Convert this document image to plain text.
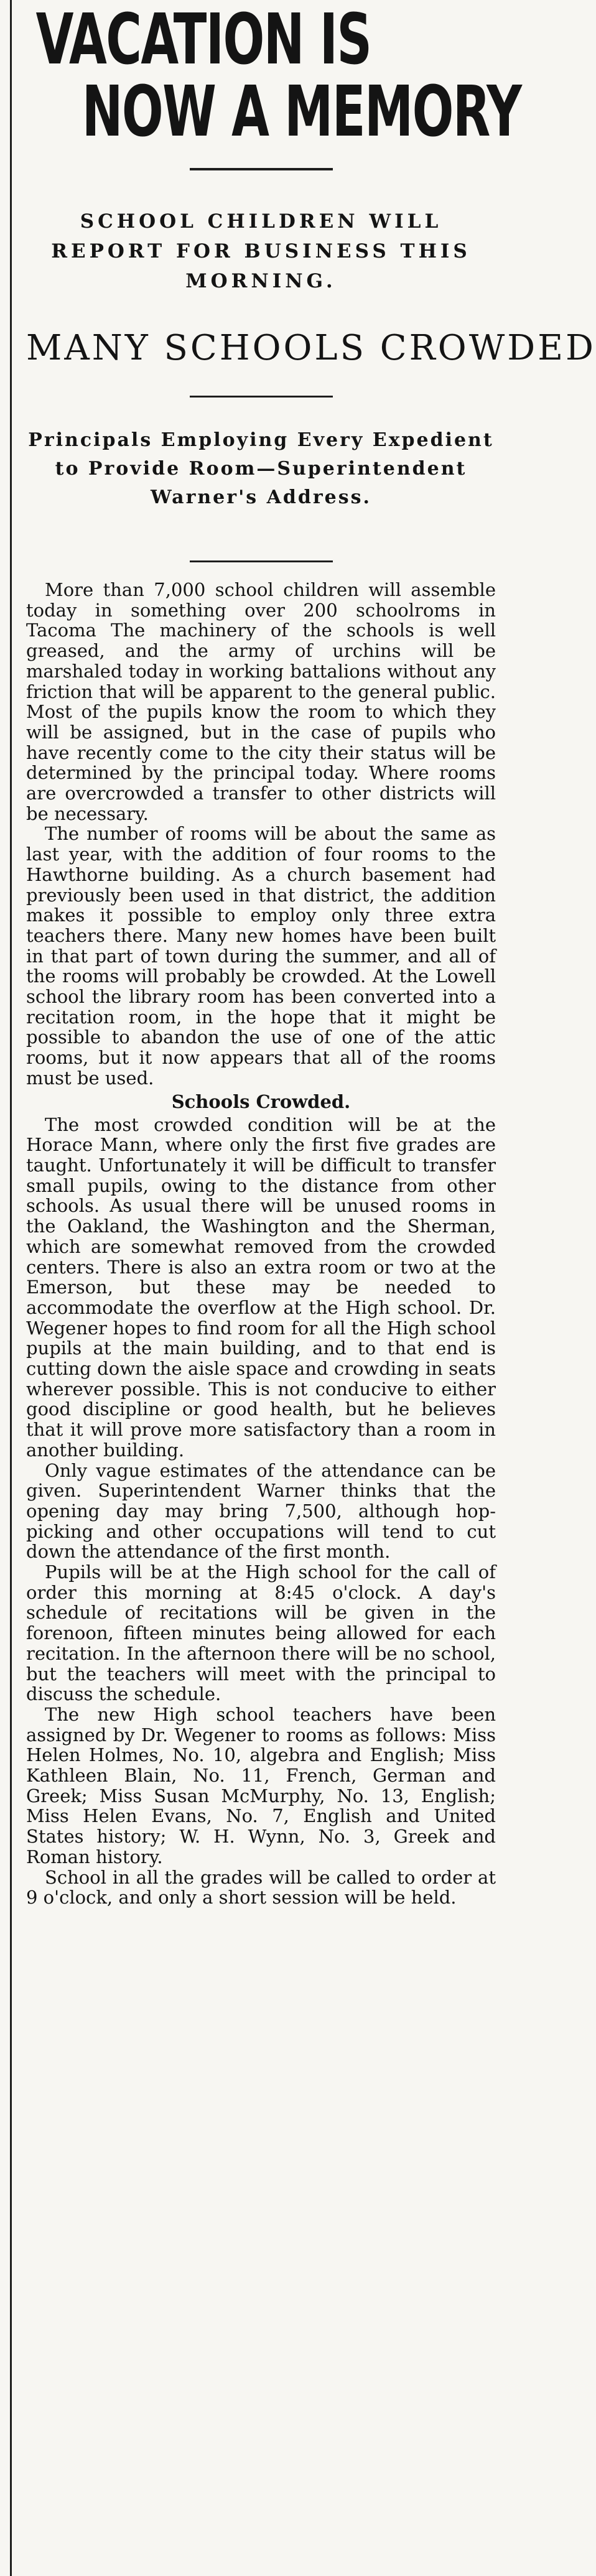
VACATION IS
NOW A MEMORY
SCHOOL CHILDREN WILL REPORT FOR BUSINESS THIS MORNING.
MANY SCHOOLS CROWDED
Principals Employing Every Expedient to Provide Room—Superintendent Warner's Address.

More than 7,000 school children will assemble today in something over 200 schoolroms in Tacoma The machinery of the schools is well greased, and the army of urchins will be marshaled today in working battalions without any friction that will be apparent to the general public. Most of the pupils know the room to which they will be assigned, but in the case of pupils who have recently come to the city their status will be determined by the principal today. Where rooms are overcrowded a transfer to other districts will be necessary.

The number of rooms will be about the same as last year, with the addition of four rooms to the Hawthorne building. As a church basement had previously been used in that district, the addition makes it possible to employ only three extra teachers there. Many new homes have been built in that part of town during the summer, and all of the rooms will probably be crowded. At the Lowell school the library room has been converted into a recitation room, in the hope that it might be possible to abandon the use of one of the attic rooms, but it now appears that all of the rooms must be used.

Schools Crowded.

The most crowded condition will be at the Horace Mann, where only the first five grades are taught. Unfortunately it will be difficult to transfer small pupils, owing to the distance from other schools. As usual there will be unused rooms in the Oakland, the Washington and the Sherman, which are somewhat removed from the crowded centers. There is also an extra room or two at the Emerson, but these may be needed to accommodate the overflow at the High school. Dr. Wegener hopes to find room for all the High school pupils at the main building, and to that end is cutting down the aisle space and crowding in seats wherever possible. This is not conducive to either good discipline or good health, but he believes that it will prove more satisfactory than a room in another building.

Only vague estimates of the attendance can be given. Superintendent Warner thinks that the opening day may bring 7,500, although hop-picking and other occupations will tend to cut down the attendance of the first month.

Pupils will be at the High school for the call of order this morning at 8:45 o'clock. A day's schedule of recitations will be given in the forenoon, fifteen minutes being allowed for each recitation. In the afternoon there will be no school, but the teachers will meet with the principal to discuss the schedule.

The new High school teachers have been assigned by Dr. Wegener to rooms as follows: Miss Helen Holmes, No. 10, algebra and English; Miss Kathleen Blain, No. 11, French, German and Greek; Miss Susan McMurphy, No. 13, English; Miss Helen Evans, No. 7, English and United States history; W. H. Wynn, No. 3, Greek and Roman history.

School in all the grades will be called to order at 9 o'clock, and only a short session will be held.
